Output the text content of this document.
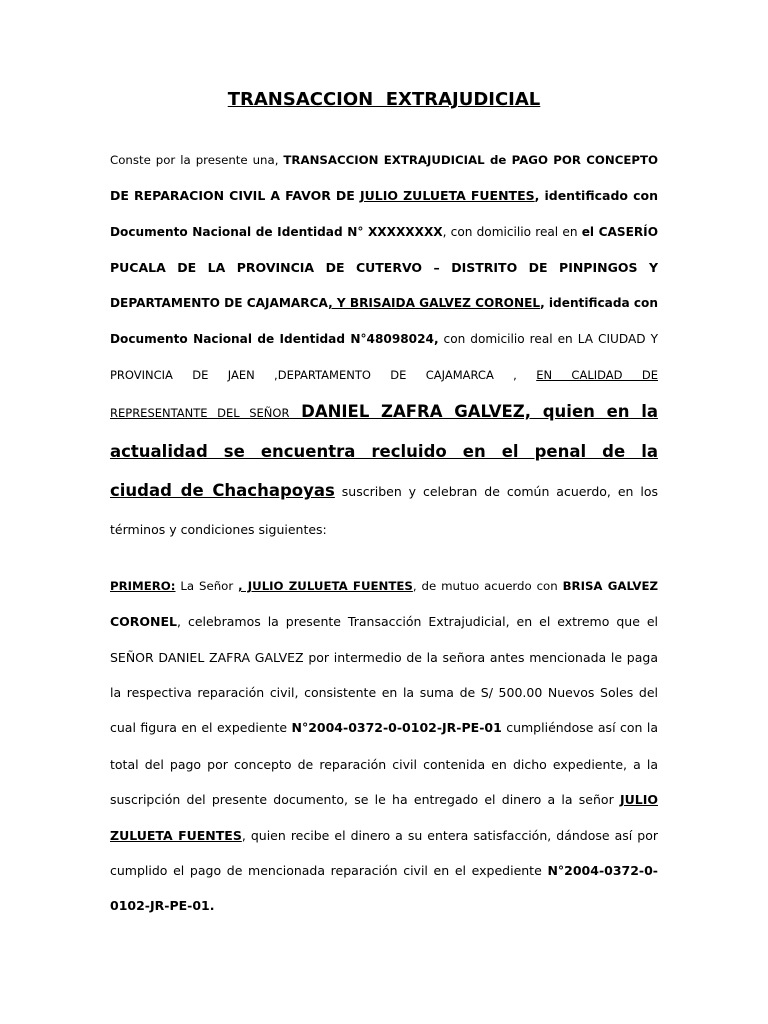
TRANSACCION  EXTRAJUDICIAL

Conste por la presente una, TRANSACCION EXTRAJUDICIAL de PAGO POR CONCEPTO

DE REPARACION CIVIL A FAVOR DE JULIO ZULUETA FUENTES, identificado con

Documento Nacional de Identidad N° XXXXXXXX, con domicilio real en el CASERÍO

PUCALA DE LA PROVINCIA DE CUTERVO – DISTRITO DE PINPINGOS Y

DEPARTAMENTO DE CAJAMARCA, Y BRISAIDA GALVEZ CORONEL, identificada con

Documento Nacional de Identidad N°48098024, con domicilio real en LA CIUDAD Y

PROVINCIA DE JAEN ,DEPARTAMENTO DE CAJAMARCA , EN CALIDAD DE

REPRESENTANTE DEL SEÑOR DANIEL ZAFRA GALVEZ, quien en la

actualidad se encuentra recluido en el penal de la

ciudad de Chachapoyas suscriben y celebran de común acuerdo, en los

términos y condiciones siguientes:

PRIMERO: La Señor , JULIO ZULUETA FUENTES, de mutuo acuerdo con BRISA GALVEZ

CORONEL, celebramos la presente Transacción Extrajudicial, en el extremo que el

SEÑOR DANIEL ZAFRA GALVEZ por intermedio de la señora antes mencionada le paga

la respectiva reparación civil, consistente en la suma de S/ 500.00 Nuevos Soles del

cual figura en el expediente N°2004-0372-0-0102-JR-PE-01 cumpliéndose así con la

total del pago por concepto de reparación civil contenida en dicho expediente, a la

suscripción del presente documento, se le ha entregado el dinero a la señor JULIO

ZULUETA FUENTES, quien recibe el dinero a su entera satisfacción, dándose así por

cumplido el pago de mencionada reparación civil en el expediente N°2004-0372-0-

0102-JR-PE-01.
